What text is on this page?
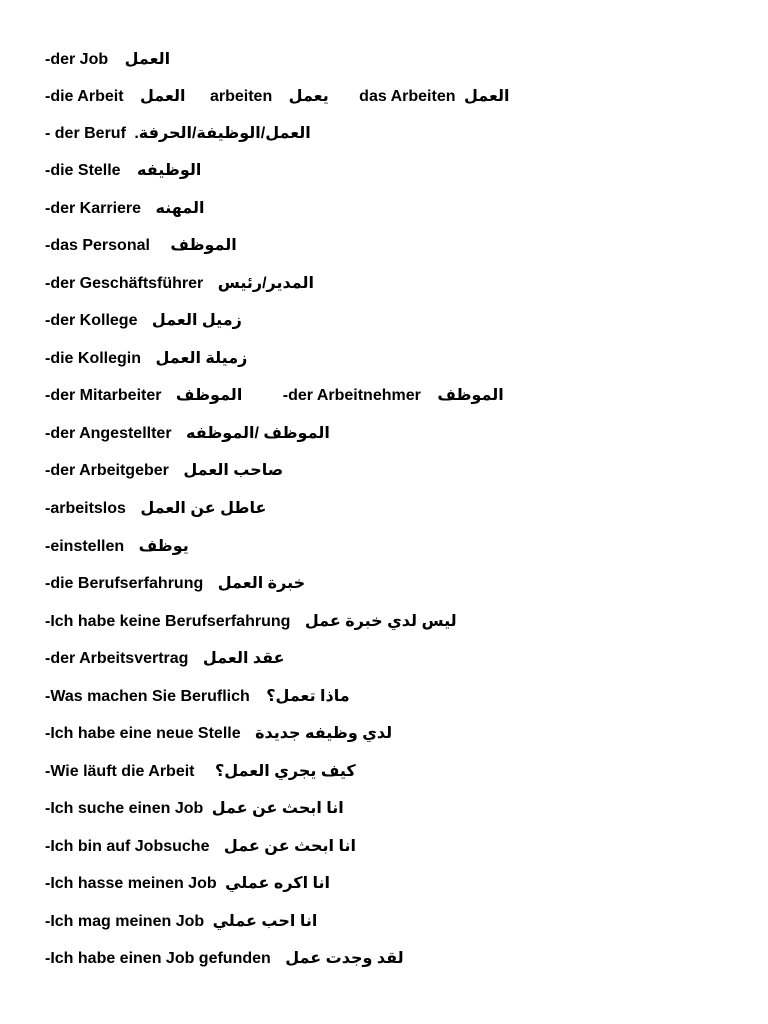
-der Job العمل
-die Arbeit العمل arbeiten يعمل das Arbeiten العمل
- der Beruf العمل/الوظيفة/الحرفة.
-die Stelle الوظيفه
-der Karriere المهنه
-das Personal الموظف
-der Geschäftsführer المدير/رئيس
-der Kollege زميل العمل
-die Kollegin زميلة العمل
-der Mitarbeiter الموظف	-der Arbeitnehmer الموظف
-der Angestellter الموظف /الموظفه
-der Arbeitgeber صاحب العمل
-arbeitslos عاطل عن العمل
-einstellen يوظف
-die Berufserfahrung خبرة العمل
-Ich habe keine Berufserfahrung ليس لدي خبرة عمل
-der Arbeitsvertrag عقد العمل
-Was machen Sie Beruflich ماذا تعمل؟
-Ich habe eine neue Stelle لدي وظيفه جديدة
-Wie läuft die Arbeit كيف يجري العمل؟
-Ich suche einen Job انا ابحث عن عمل
-Ich bin auf Jobsuche انا ابحث عن عمل
-Ich hasse meinen Job انا اكره عملي
-Ich mag meinen Job انا احب عملي
-Ich habe einen Job gefunden لقد وجدت عمل
